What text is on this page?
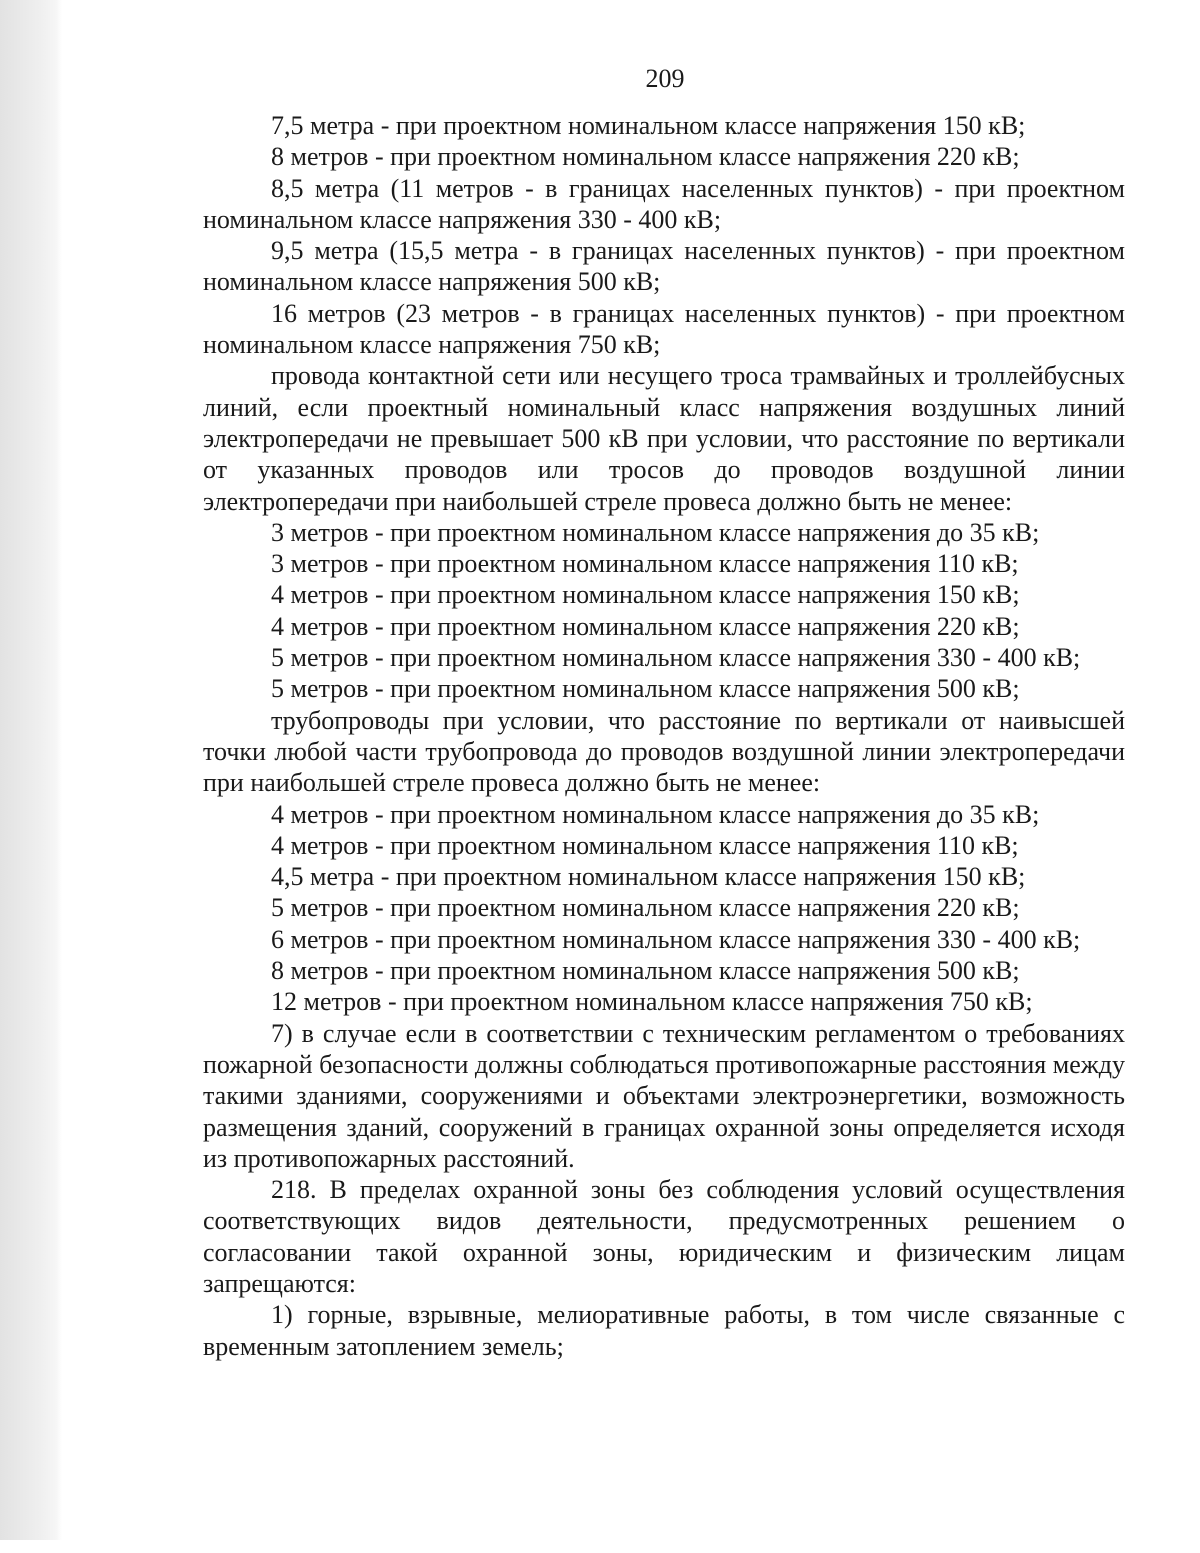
209

7,5 метра - при проектном номинальном классе напряжения 150 кВ;

8 метров - при проектном номинальном классе напряжения 220 кВ;

8,5 метра (11 метров - в границах населенных пунктов) - при проектном номинальном классе напряжения 330 - 400 кВ;

9,5 метра (15,5 метра - в границах населенных пунктов) - при проектном номинальном классе напряжения 500 кВ;

16 метров (23 метров - в границах населенных пунктов) - при проектном номинальном классе напряжения 750 кВ;

провода контактной сети или несущего троса трамвайных и троллейбусных линий, если проектный номинальный класс напряжения воздушных линий электропередачи не превышает 500 кВ при условии, что расстояние по вертикали от указанных проводов или тросов до проводов воздушной линии электропередачи при наибольшей стреле провеса должно быть не менее:

3 метров - при проектном номинальном классе напряжения до 35 кВ;

3 метров - при проектном номинальном классе напряжения 110 кВ;

4 метров - при проектном номинальном классе напряжения 150 кВ;

4 метров - при проектном номинальном классе напряжения 220 кВ;

5 метров - при проектном номинальном классе напряжения 330 - 400 кВ;

5 метров - при проектном номинальном классе напряжения 500 кВ;

трубопроводы при условии, что расстояние по вертикали от наивысшей точки любой части трубопровода до проводов воздушной линии электропередачи при наибольшей стреле провеса должно быть не менее:

4 метров - при проектном номинальном классе напряжения до 35 кВ;

4 метров - при проектном номинальном классе напряжения 110 кВ;

4,5 метра - при проектном номинальном классе напряжения 150 кВ;

5 метров - при проектном номинальном классе напряжения 220 кВ;

6 метров - при проектном номинальном классе напряжения 330 - 400 кВ;

8 метров - при проектном номинальном классе напряжения 500 кВ;

12 метров - при проектном номинальном классе напряжения 750 кВ;

7) в случае если в соответствии с техническим регламентом о требованиях пожарной безопасности должны соблюдаться противопожарные расстояния между такими зданиями, сооружениями и объектами электроэнергетики, возможность размещения зданий, сооружений в границах охранной зоны определяется исходя из противопожарных расстояний.

218. В пределах охранной зоны без соблюдения условий осуществления соответствующих видов деятельности, предусмотренных решением о согласовании такой охранной зоны, юридическим и физическим лицам запрещаются:

1) горные, взрывные, мелиоративные работы, в том числе связанные с временным затоплением земель;
